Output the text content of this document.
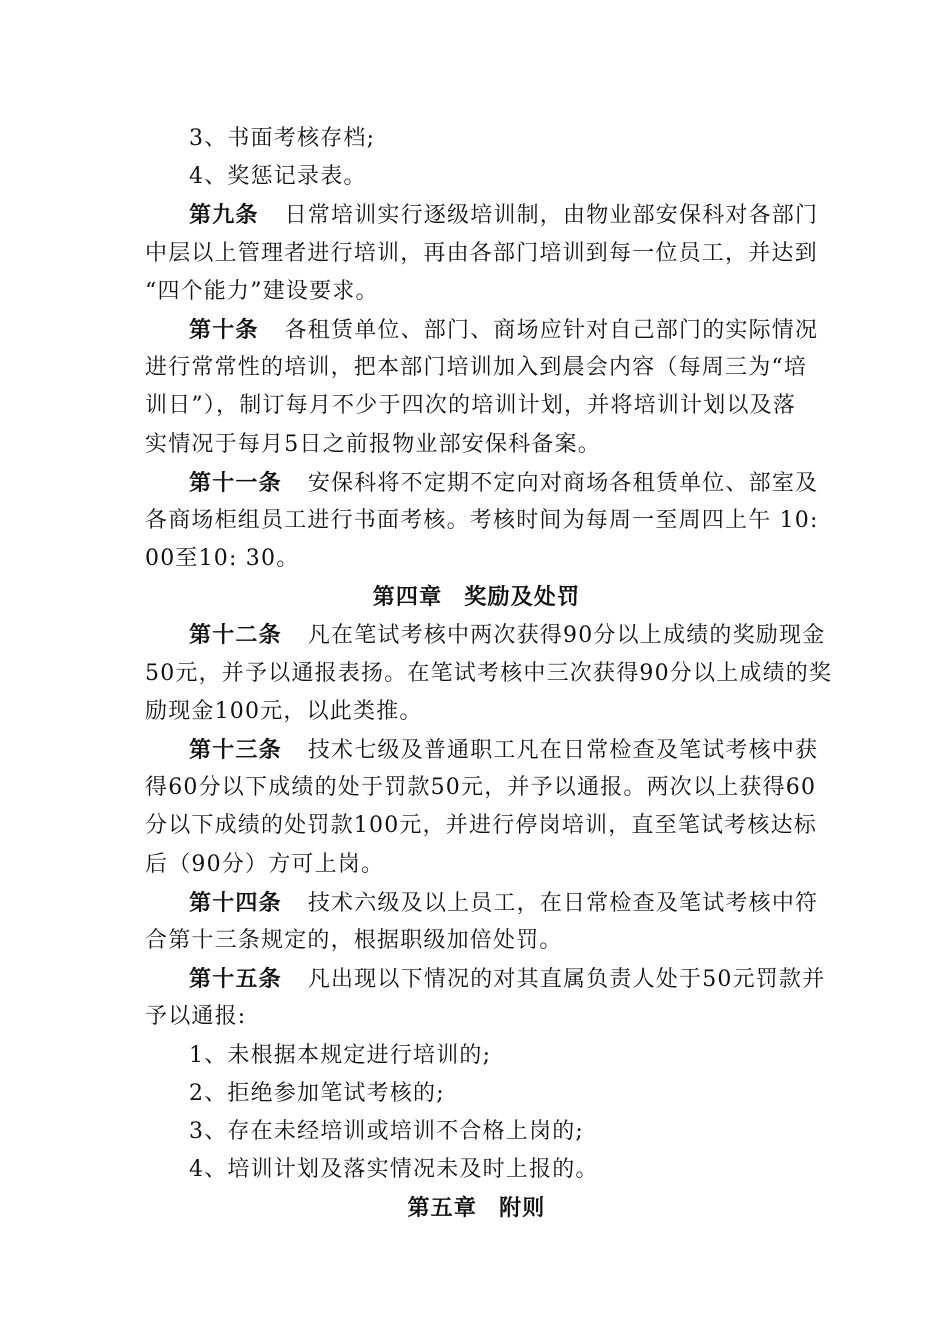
3、书面考核存档;
4、奖惩记录表。
第九条 日常培训实行逐级培训制，由物业部安保科对各部门
中层以上管理者进行培训，再由各部门培训到每一位员工，并达到
“四个能力”建设要求。
第十条 各租赁单位、部门、商场应针对自己部门的实际情况
进行常常性的培训，把本部门培训加入到晨会内容（每周三为“培
训日”），制订每月不少于四次的培训计划，并将培训计划以及落
实情况于每月5日之前报物业部安保科备案。
第十一条 安保科将不定期不定向对商场各租赁单位、部室及
各商场柜组员工进行书面考核。考核时间为每周一至周四上午 10:
00至10: 30。
第四章 奖励及处罚
第十二条 凡在笔试考核中两次获得90分以上成绩的奖励现金
50元，并予以通报表扬。在笔试考核中三次获得90分以上成绩的奖
励现金100元，以此类推。
第十三条 技术七级及普通职工凡在日常检查及笔试考核中获
得60分以下成绩的处于罚款50元，并予以通报。两次以上获得60
分以下成绩的处罚款100元，并进行停岗培训，直至笔试考核达标
后（90分）方可上岗。
第十四条 技术六级及以上员工，在日常检查及笔试考核中符
合第十三条规定的，根据职级加倍处罚。
第十五条 凡出现以下情况的对其直属负责人处于50元罚款并
予以通报:
1、未根据本规定进行培训的;
2、拒绝参加笔试考核的;
3、存在未经培训或培训不合格上岗的;
4、培训计划及落实情况未及时上报的。
第五章 附则
